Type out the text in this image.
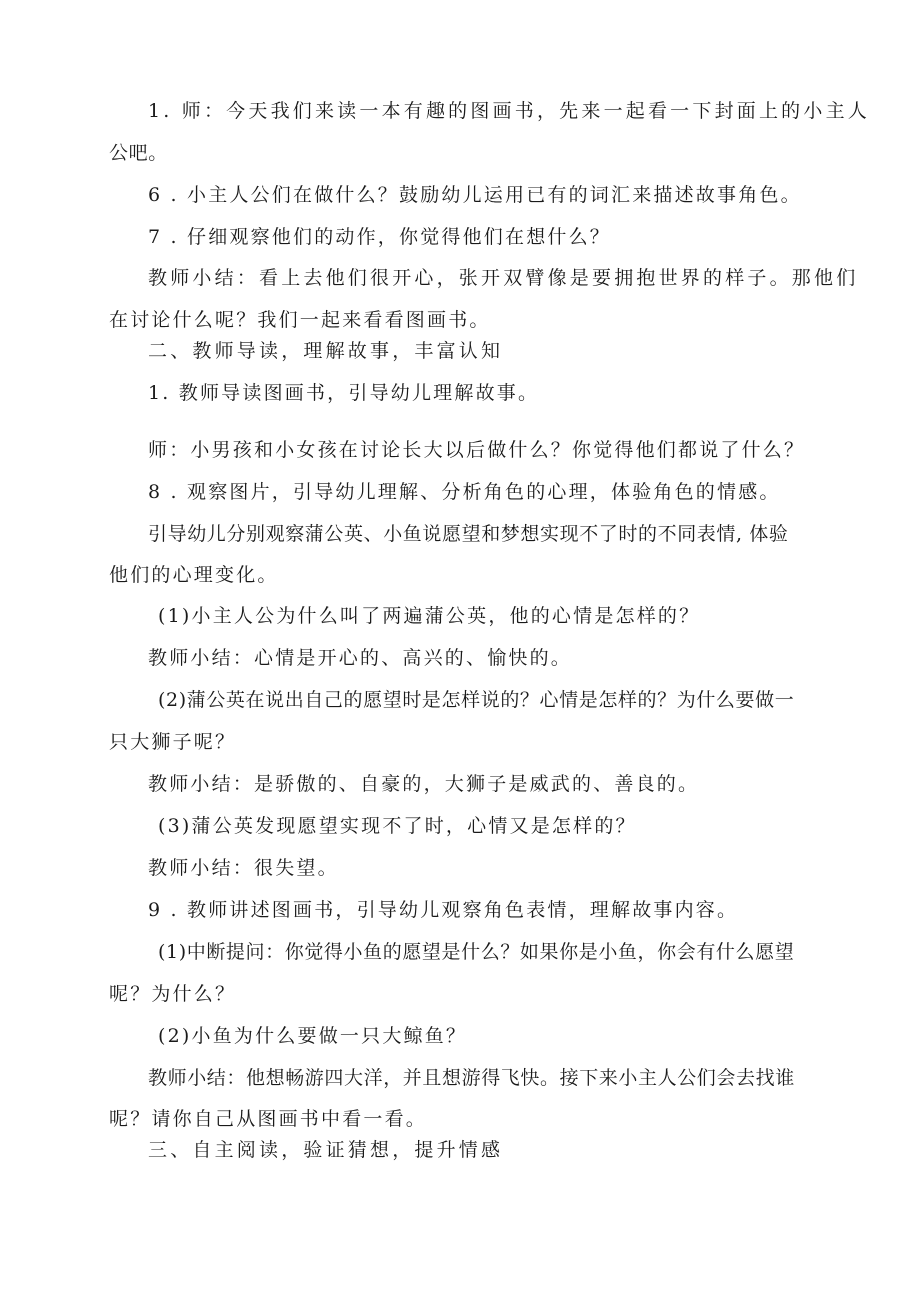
1. 师：今天我们来读一本有趣的图画书，先来一起看一下封面上的小主人
公吧。
6 . 小主人公们在做什么？鼓励幼儿运用已有的词汇来描述故事角色。
7 . 仔细观察他们的动作，你觉得他们在想什么？
教师小结：看上去他们很开心，张开双臂像是要拥抱世界的样子。那他们
在讨论什么呢？我们一起来看看图画书。
二、教师导读，理解故事，丰富认知
1. 教师导读图画书，引导幼儿理解故事。
师：小男孩和小女孩在讨论长大以后做什么？你觉得他们都说了什么？
8 . 观察图片，引导幼儿理解、分析角色的心理，体验角色的情感。
引导幼儿分别观察蒲公英、小鱼说愿望和梦想实现不了时的不同表情, 体验
他们的心理变化。
(1)小主人公为什么叫了两遍蒲公英，他的心情是怎样的？
教师小结：心情是开心的、高兴的、愉快的。
(2)蒲公英在说出自己的愿望时是怎样说的？心情是怎样的？为什么要做一
只大狮子呢？
教师小结：是骄傲的、自豪的，大狮子是威武的、善良的。
(3)蒲公英发现愿望实现不了时，心情又是怎样的？
教师小结：很失望。
9 . 教师讲述图画书，引导幼儿观察角色表情，理解故事内容。
(1)中断提问：你觉得小鱼的愿望是什么？如果你是小鱼，你会有什么愿望
呢？为什么？
(2)小鱼为什么要做一只大鲸鱼？
教师小结：他想畅游四大洋，并且想游得飞快。接下来小主人公们会去找谁
呢？请你自己从图画书中看一看。
三、自主阅读，验证猜想，提升情感
